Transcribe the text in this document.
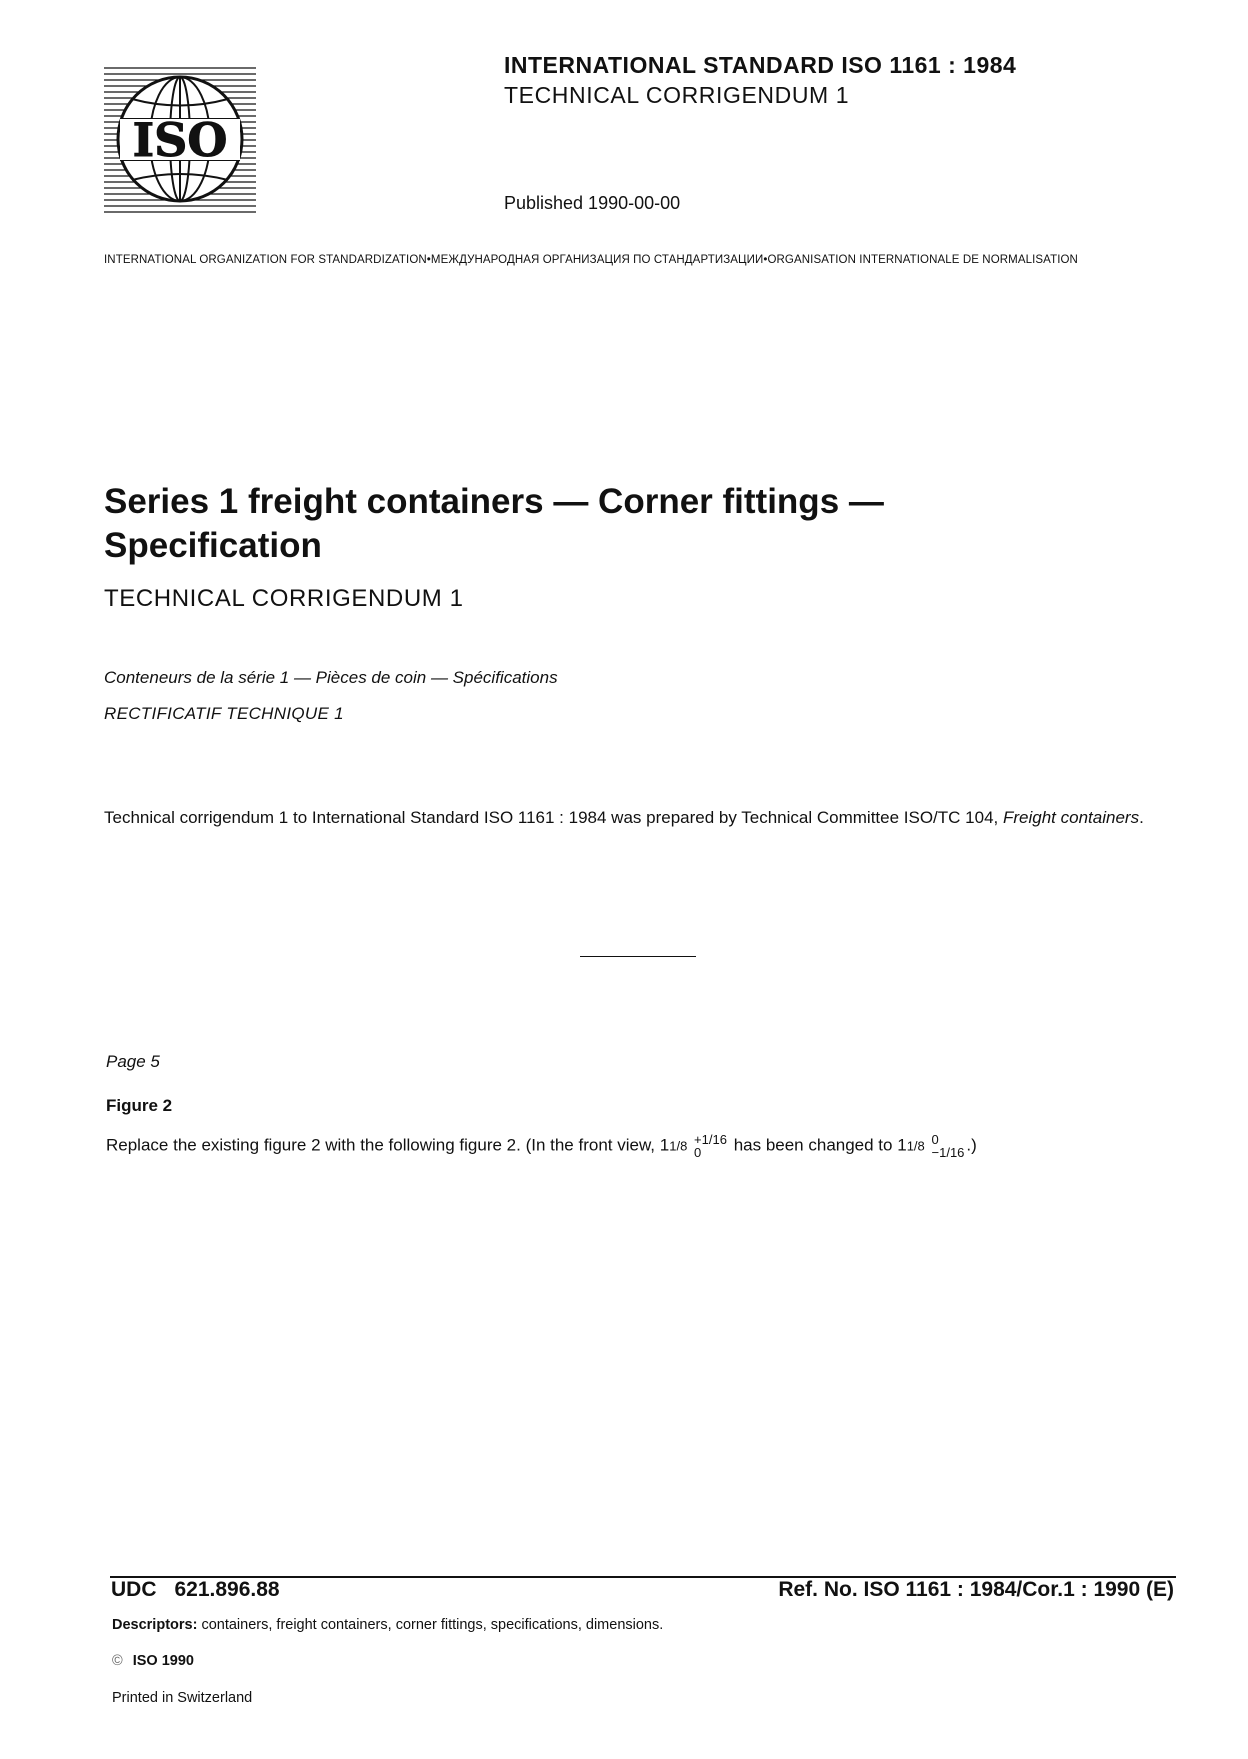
ISO
INTERNATIONAL STANDARD ISO 1161 : 1984
TECHNICAL CORRIGENDUM 1
Published 1990-00-00
INTERNATIONAL ORGANIZATION FOR STANDARDIZATION•МЕЖДУНАРОДНАЯ ОРГАНИЗАЦИЯ ПО СТАНДАРТИЗАЦИИ•ORGANISATION INTERNATIONALE DE NORMALISATION
Series 1 freight containers — Corner fittings —
Specification
TECHNICAL CORRIGENDUM 1
Conteneurs de la série 1 — Pièces de coin — Spécifications
RECTIFICATIF TECHNIQUE 1
Technical corrigendum 1 to International Standard ISO 1161 : 1984 was prepared by Technical Committee ISO/TC 104, Freight containers.
Page 5
Figure 2
Replace the existing figure 2 with the following figure 2. (In the front view, 11/8 +1/16
0	has been changed to 11/8 0
−1/16 .)
UDC 621.896.88	Ref. No. ISO 1161 : 1984/Cor.1 : 1990 (E)
Descriptors: containers, freight containers, corner fittings, specifications, dimensions.
© ISO 1990
Printed in Switzerland
